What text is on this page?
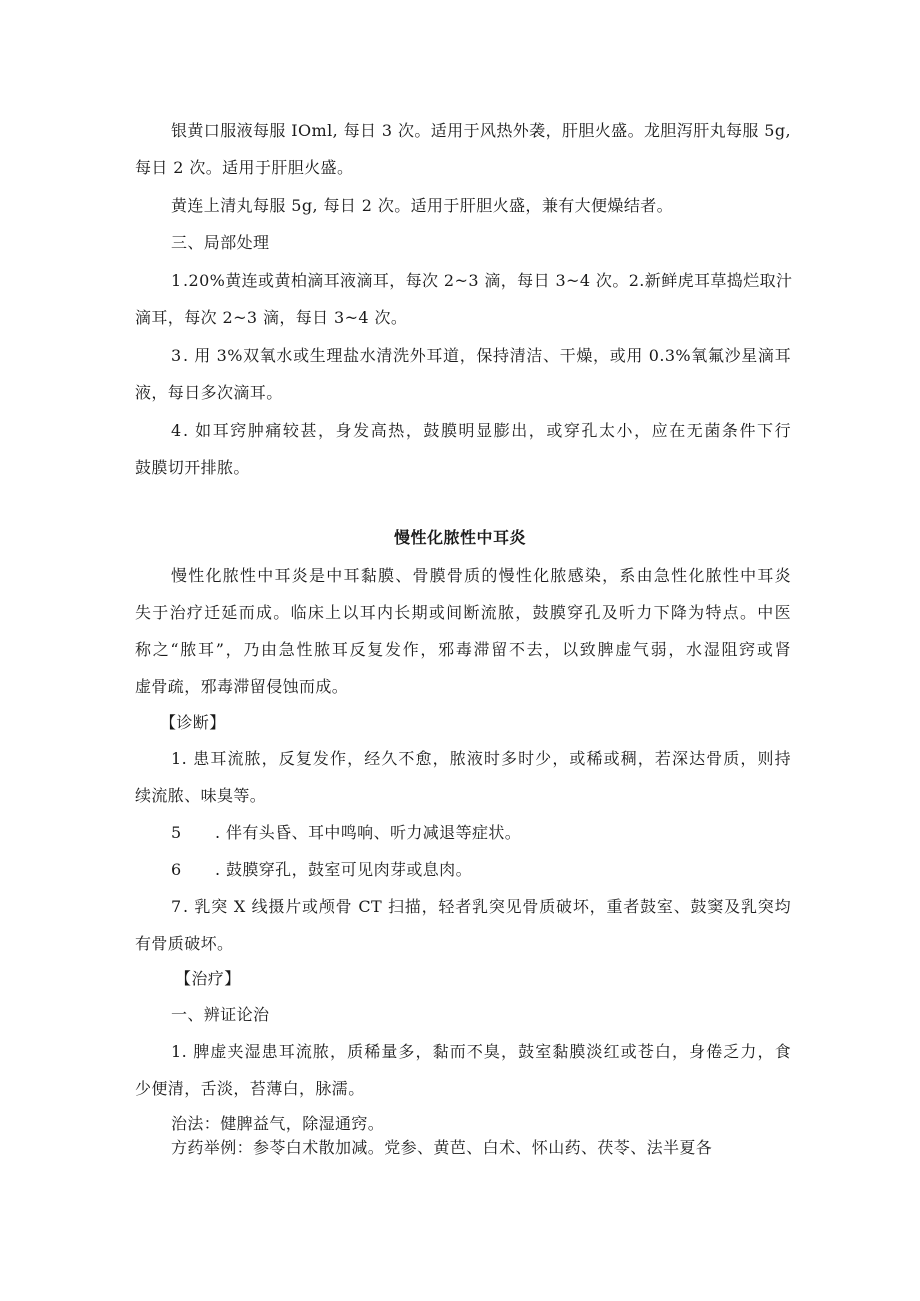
银黄口服液每服 IOml, 每日 3 次。适用于风热外袭，肝胆火盛。龙胆泻肝丸每服 5g,

每日 2 次。适用于肝胆火盛。

黄连上清丸每服 5g, 每日 2 次。适用于肝胆火盛，兼有大便燥结者。

三、局部处理

1.20%黄连或黄柏滴耳液滴耳，每次 2~3 滴，每日 3~4 次。2.新鲜虎耳草捣烂取汁

滴耳，每次 2~3 滴，每日 3~4 次。

3. 用 3%双氧水或生理盐水清洗外耳道，保持清洁、干燥，或用 0.3%氧氟沙星滴耳

液，每日多次滴耳。

4. 如耳窍肿痛较甚，身发高热，鼓膜明显膨出，或穿孔太小，应在无菌条件下行

鼓膜切开排脓。

慢性化脓性中耳炎

慢性化脓性中耳炎是中耳黏膜、骨膜骨质的慢性化脓感染，系由急性化脓性中耳炎

失于治疗迁延而成。临床上以耳内长期或间断流脓，鼓膜穿孔及听力下降为特点。中医

称之“脓耳”，乃由急性脓耳反复发作，邪毒滞留不去，以致脾虚气弱，水湿阻窍或肾

虚骨疏，邪毒滞留侵蚀而成。

【诊断】

1. 患耳流脓，反复发作，经久不愈，脓液时多时少，或稀或稠，若深达骨质，则持

续流脓、味臭等。

5 . 伴有头昏、耳中鸣响、听力减退等症状。

6 . 鼓膜穿孔，鼓室可见肉芽或息肉。

7. 乳突 X 线摄片或颅骨 CT 扫描，轻者乳突见骨质破坏，重者鼓室、鼓窦及乳突均

有骨质破坏。

【治疗】

一、辨证论治

1. 脾虚夹湿患耳流脓，质稀量多，黏而不臭，鼓室黏膜淡红或苍白，身倦乏力，食

少便清，舌淡，苔薄白，脉濡。

治法：健脾益气，除湿通窍。

方药举例：参苓白术散加减。党参、黄芭、白术、怀山药、茯苓、法半夏各
